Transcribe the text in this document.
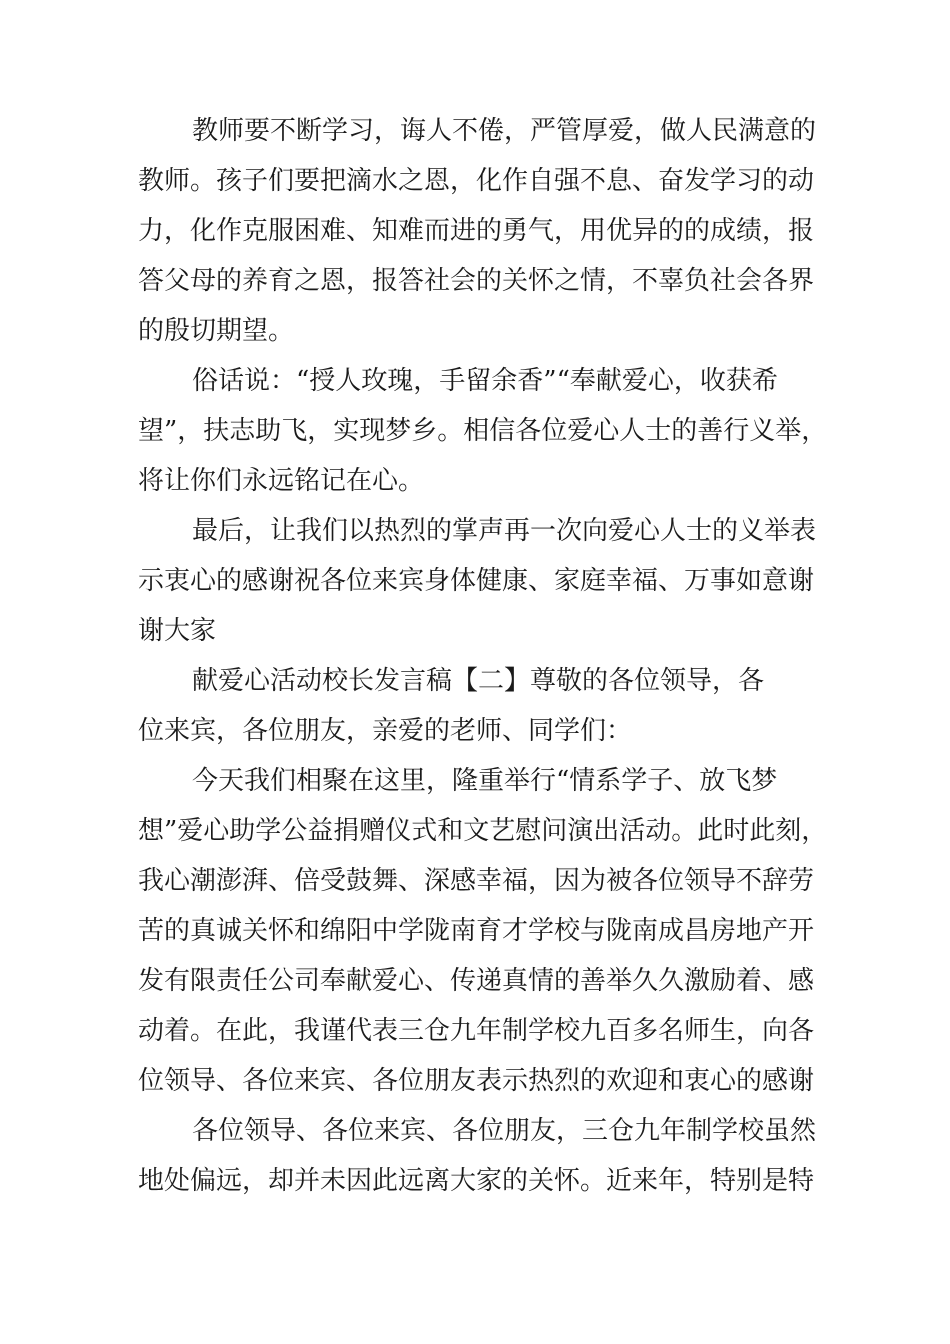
教师要不断学习，诲人不倦，严管厚爱，做人民满意的
教师。孩子们要把滴水之恩，化作自强不息、奋发学习的动
力，化作克服困难、知难而进的勇气，用优异的的成绩，报
答父母的养育之恩，报答社会的关怀之情，不辜负社会各界
的殷切期望。
俗话说：“授人玫瑰，手留余香”“奉献爱心，收获希
望”，扶志助飞，实现梦乡。相信各位爱心人士的善行义举，
将让你们永远铭记在心。
最后，让我们以热烈的掌声再一次向爱心人士的义举表
示衷心的感谢祝各位来宾身体健康、家庭幸福、万事如意谢
谢大家
献爱心活动校长发言稿【二】尊敬的各位领导，各
位来宾，各位朋友，亲爱的老师、同学们：
今天我们相聚在这里，隆重举行“情系学子、放飞梦
想”爱心助学公益捐赠仪式和文艺慰问演出活动。此时此刻，
我心潮澎湃、倍受鼓舞、深感幸福，因为被各位领导不辞劳
苦的真诚关怀和绵阳中学陇南育才学校与陇南成昌房地产开
发有限责任公司奉献爱心、传递真情的善举久久激励着、感
动着。在此，我谨代表三仓九年制学校九百多名师生，向各
位领导、各位来宾、各位朋友表示热烈的欢迎和衷心的感谢
各位领导、各位来宾、各位朋友，三仓九年制学校虽然
地处偏远，却并未因此远离大家的关怀。近来年，特别是特
